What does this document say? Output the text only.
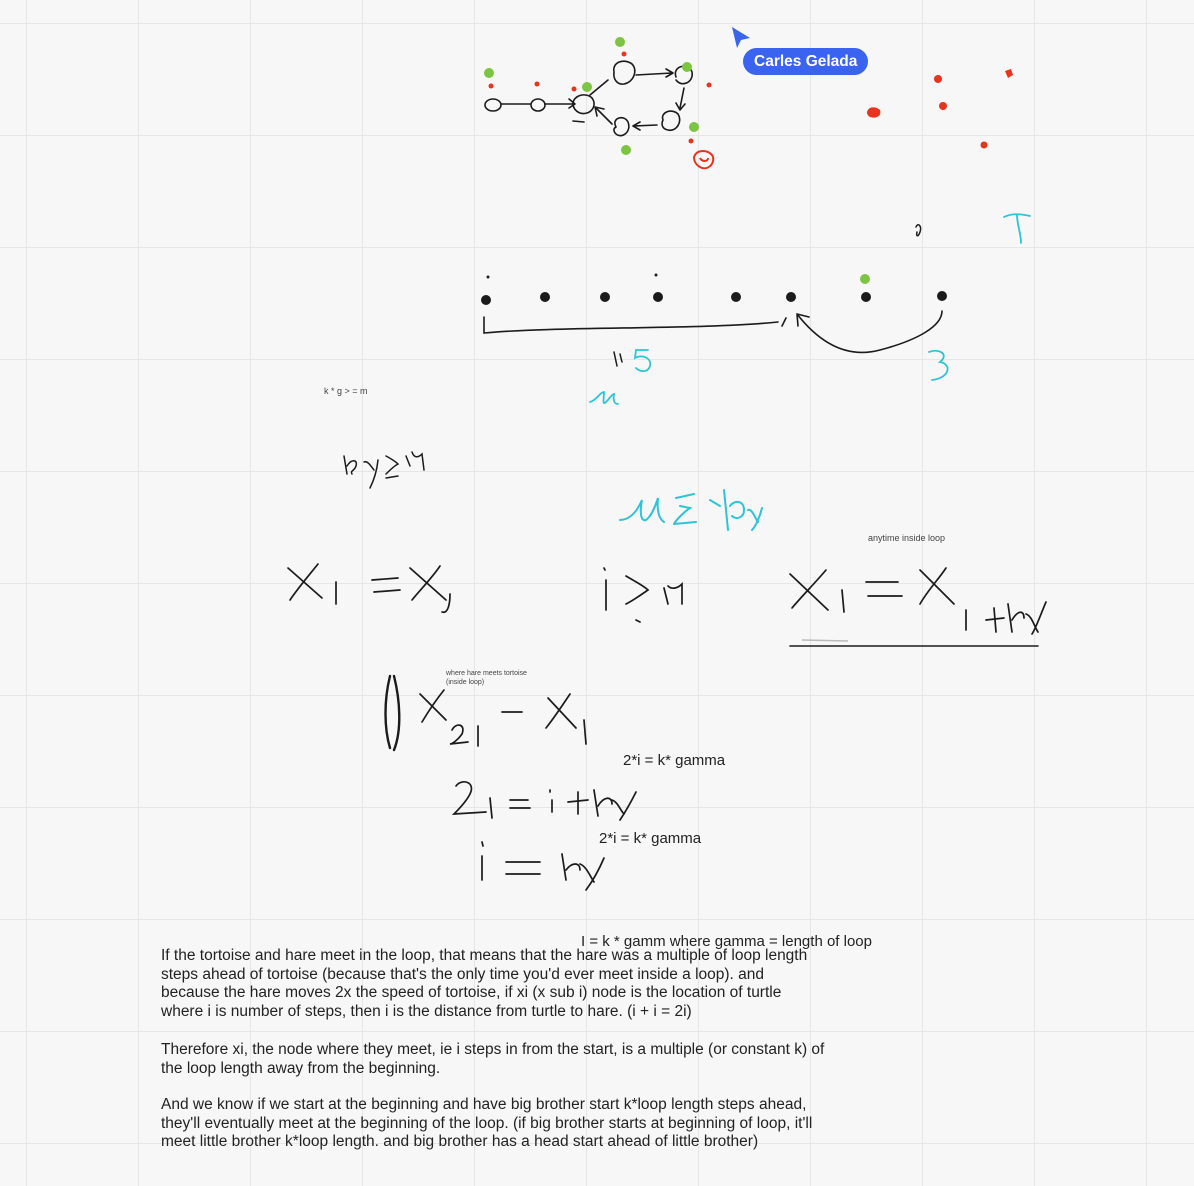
Carles Gelada
k * g > = m
anytime inside loop
where hare meets tortoise
(inside loop)
2*i = k* gamma
2*i = k* gamma
I = k * gamm where gamma = length of loop
If the tortoise and hare meet in the loop, that means that the hare was a multiple of loop length
steps ahead of tortoise (because that's the only time you'd ever meet inside a loop). and
because the hare moves 2x the speed of tortoise, if xi (x sub i) node is the location of turtle
where i is number of steps, then i is the distance from turtle to hare. (i + i = 2i)
Therefore xi, the node where they meet, ie i steps in from the start, is a multiple (or constant k) of
the loop length away from the beginning.
And we know if we start at the beginning and have big brother start k*loop length steps ahead,
they'll eventually meet at the beginning of the loop. (if big brother starts at beginning of loop, it'll
meet little brother k*loop length. and big brother has a head start ahead of little brother)
